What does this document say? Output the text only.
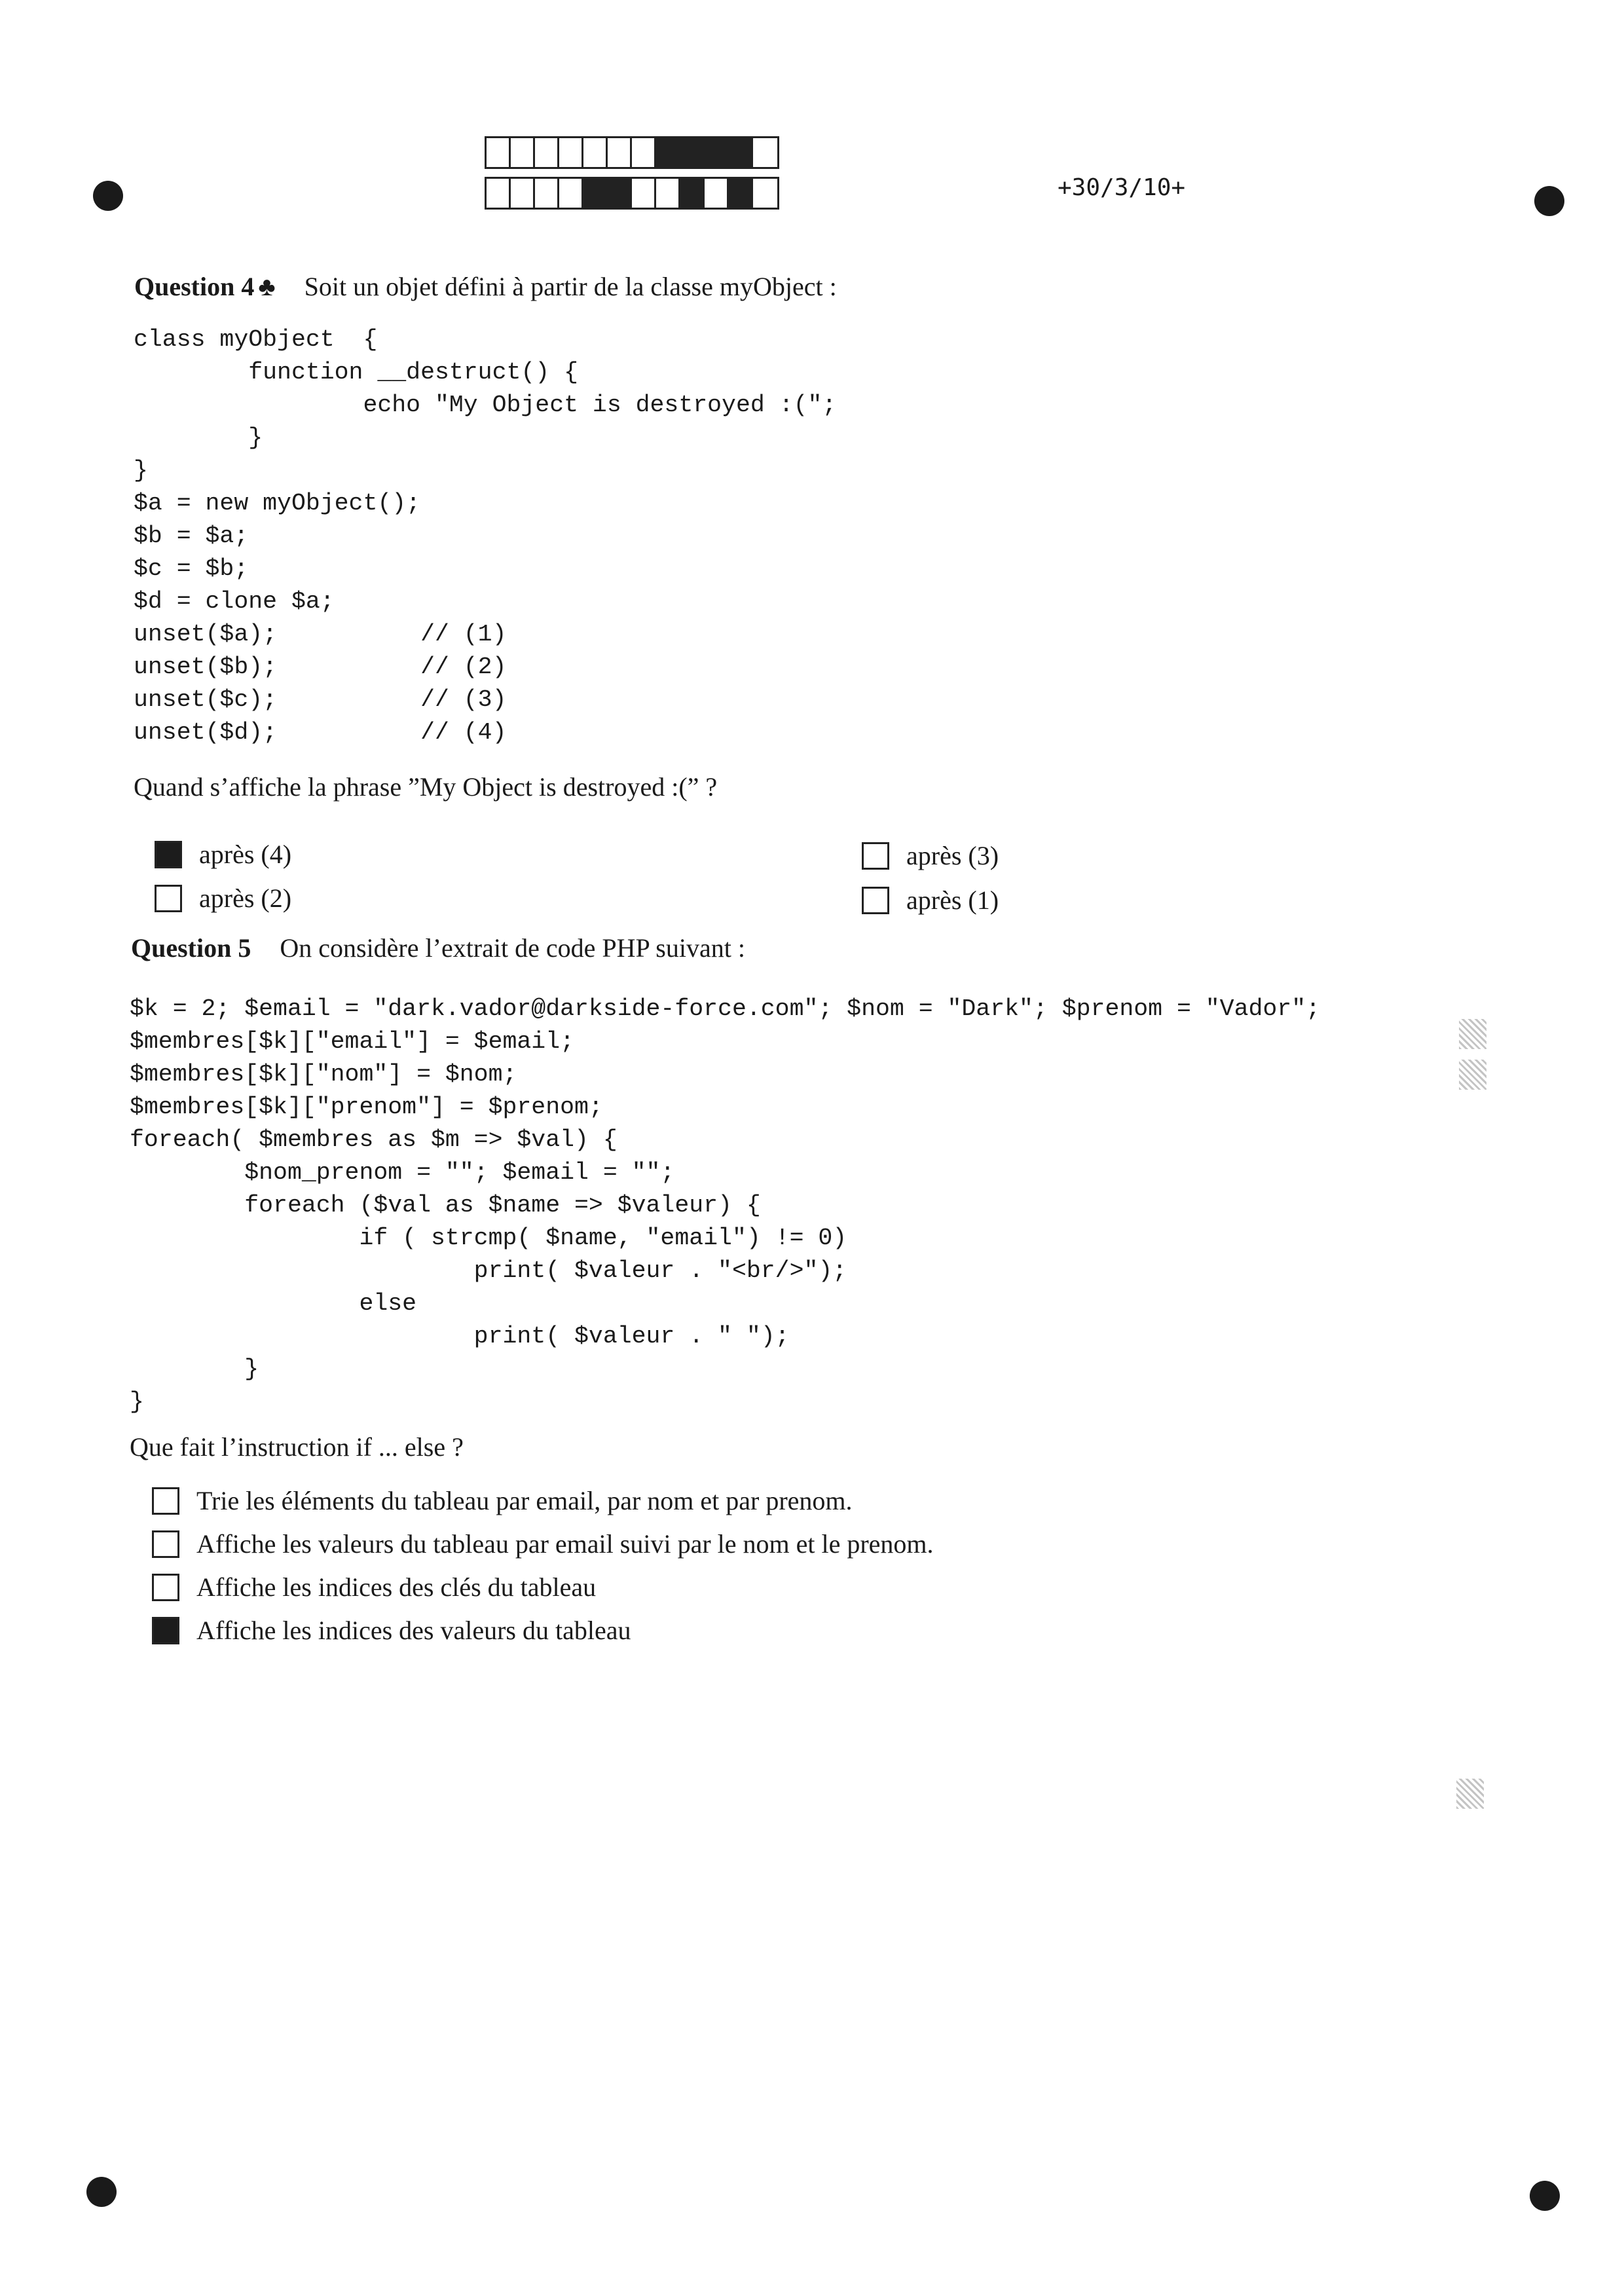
+30/3/10+
Question 4 ♣ Soit un objet défini à partir de la classe myObject :
class myObject  {
function __destruct() {
echo "My Object is destroyed :(";
}
}
$a = new myObject();
$b = $a;
$c = $b;
$d = clone $a;
unset($a);          // (1)
unset($b);          // (2)
unset($c);          // (3)
unset($d);          // (4)
Quand s’affiche la phrase ”My Object is destroyed :(” ?
après (4)	après (3)
après (2)	après (1)
Question 5 On considère l’extrait de code PHP suivant :
$k = 2; $email = "dark.vador@darkside-force.com"; $nom = "Dark"; $prenom = "Vador";
$membres[$k]["email"] = $email;
$membres[$k]["nom"] = $nom;
$membres[$k]["prenom"] = $prenom;
foreach( $membres as $m => $val) {
$nom_prenom = ""; $email = "";
foreach ($val as $name => $valeur) {
if ( strcmp( $name, "email") != 0)
print( $valeur . "<br/>");
else
print( $valeur . " ");
}
}
Que fait l’instruction if ... else ?
Trie les éléments du tableau par email, par nom et par prenom.
Affiche les valeurs du tableau par email suivi par le nom et le prenom.
Affiche les indices des clés du tableau
Affiche les indices des valeurs du tableau
